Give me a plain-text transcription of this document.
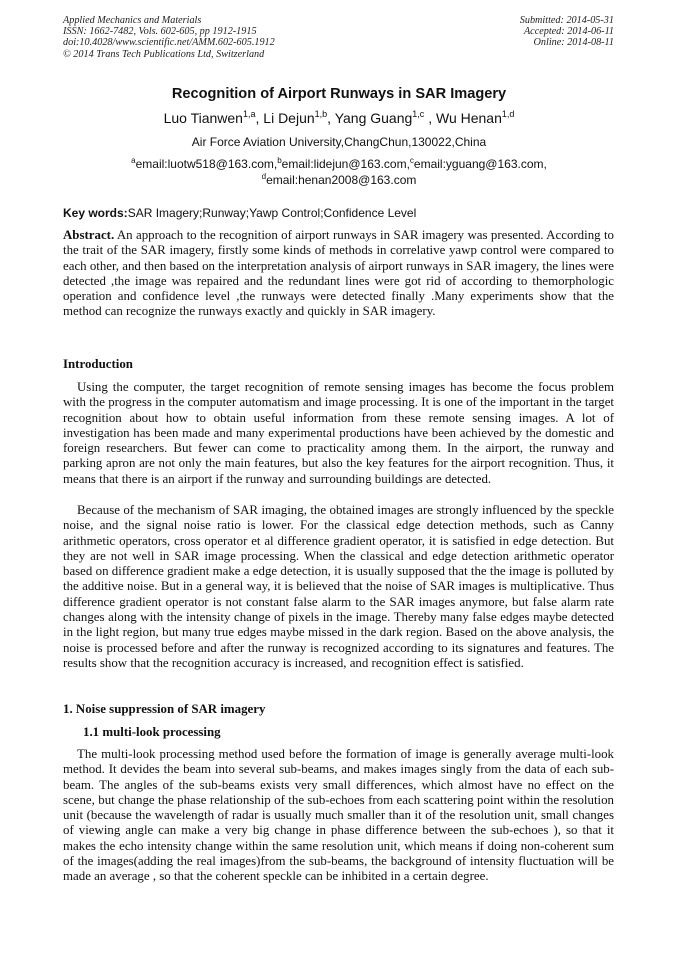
Applied Mechanics and Materials
ISSN: 1662-7482, Vols. 602-605, pp 1912-1915
doi:10.4028/www.scientific.net/AMM.602-605.1912
© 2014 Trans Tech Publications Ltd, Switzerland
Submitted: 2014-05-31
Accepted: 2014-06-11
Online: 2014-08-11
Recognition of Airport Runways in SAR Imagery
Luo Tianwen$^{1,a}$, Li Dejun$^{1,b}$, Yang Guang$^{1,c}$ , Wu Henan$^{1,d}$
Air Force Aviation University,ChangChun,130022,China
$^a$email:luotw518@163.com,$^b$email:lidejun@163.com,$^c$email:yguang@163.com,
$^d$email:henan2008@163.com
Key words:SAR Imagery;Runway;Yawp Control;Confidence Level

Abstract. An approach to the recognition of airport runways in SAR imagery was presented. According to the trait of the SAR imagery, firstly some kinds of methods in correlative yawp control were compared to each other, and then based on the interpretation analysis of airport runways in SAR imagery, the lines were detected ,the image was repaired and the redundant lines were got rid of according to themorphologic operation and confidence level ,the runways were detected finally .Many experiments show that the method can recognize the runways exactly and quickly in SAR imagery.

Introduction

Using the computer, the target recognition of remote sensing images has become the focus problem with the progress in the computer automatism and image processing. It is one of the important in the target recognition about how to obtain useful information from these remote sensing images. A lot of investigation has been made and many experimental productions have been achieved by the domestic and foreign researchers. But fewer can come to practicality among them. In the airport, the runway and parking apron are not only the main features, but also the key features for the airport recognition. Thus, it means that there is an airport if the runway and surrounding buildings are detected.

Because of the mechanism of SAR imaging, the obtained images are strongly influenced by the speckle noise, and the signal noise ratio is lower. For the classical edge detection methods, such as Canny arithmetic operators, cross operator et al difference gradient operator, it is satisfied in edge detection. But they are not well in SAR image processing. When the classical and edge detection arithmetic operator based on difference gradient make a edge detection, it is usually supposed that the the image is polluted by the additive noise. But in a general way, it is believed that the noise of SAR images is multiplicative. Thus difference gradient operator is not constant false alarm to the SAR images anymore, but false alarm rate changes along with the intensity change of pixels in the image. Thereby many false edges maybe detected in the light region, but many true edges maybe missed in the dark region. Based on the above analysis, the noise is processed before and after the runway is recognized according to its signatures and features. The results show that the recognition accuracy is increased, and recognition effect is satisfied.

1. Noise suppression of SAR imagery
1.1 multi-look processing

The multi-look processing method used before the formation of image is generally average multi-look method. It devides the beam into several sub-beams, and makes images singly from the data of each sub-beam. The angles of the sub-beams exists very small differences, which almost have no effect on the scene, but change the phase relationship of the sub-echoes from each scattering point within the resolution unit (because the wavelength of radar is usually much smaller than it of the resolution unit, small changes of viewing angle can make a very big change in phase difference between the sub-echoes ), so that it makes the echo intensity change within the same resolution unit, which means if doing non-coherent sum of the images(adding the real images)from the sub-beams, the background of intensity fluctuation will be made an average , so that the coherent speckle can be inhibited in a certain degree.
